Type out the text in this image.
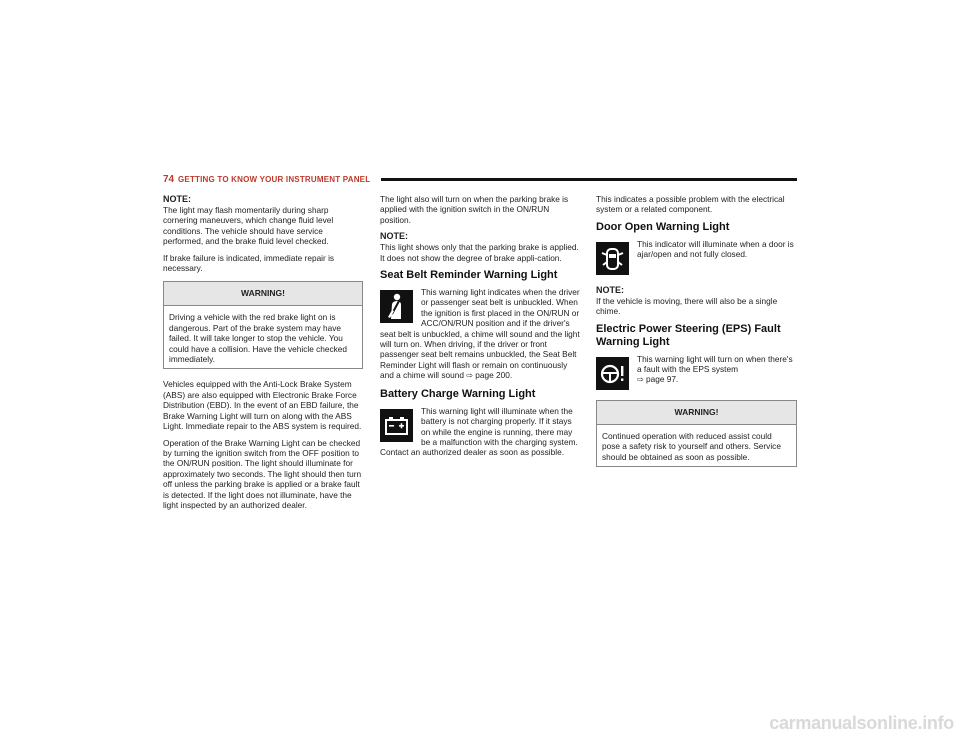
74 GETTING TO KNOW YOUR INSTRUMENT PANEL

NOTE:

The light may flash momentarily during sharp cornering maneuvers, which change fluid level conditions. The vehicle should have service performed, and the brake fluid level checked.

If brake failure is indicated, immediate repair is necessary.

WARNING!

Driving a vehicle with the red brake light on is dangerous. Part of the brake system may have failed. It will take longer to stop the vehicle. You could have a collision. Have the vehicle checked immediately.

Vehicles equipped with the Anti-Lock Brake System (ABS) are also equipped with Electronic Brake Force Distribution (EBD). In the event of an EBD failure, the Brake Warning Light will turn on along with the ABS Light. Immediate repair to the ABS system is required.

Operation of the Brake Warning Light can be checked by turning the ignition switch from the OFF position to the ON/RUN position. The light should illuminate for approximately two seconds. The light should then turn off unless the parking brake is applied or a brake fault is detected. If the light does not illuminate, have the light inspected by an authorized dealer.

The light also will turn on when the parking brake is applied with the ignition switch in the ON/RUN position.

NOTE:

This light shows only that the parking brake is applied. It does not show the degree of brake appli-cation.

Seat Belt Reminder Warning Light

This warning light indicates when the driver or passenger seat belt is unbuckled. When the ignition is first placed in the ON/RUN or ACC/ON/RUN position and if the driver's seat belt is unbuckled, a chime will sound and the light will turn on. When driving, if the driver or front passenger seat belt remains unbuckled, the Seat Belt Reminder Light will flash or remain on continuously and a chime will sound ⇨ page 200.

Battery Charge Warning Light

This warning light will illuminate when the battery is not charging properly. If it stays on while the engine is running, there may be a malfunction with the charging system. Contact an authorized dealer as soon as possible.

This indicates a possible problem with the electrical system or a related component.

Door Open Warning Light

This indicator will illuminate when a door is ajar/open and not fully closed.

NOTE:

If the vehicle is moving, there will also be a single chime.

Electric Power Steering (EPS) Fault Warning Light

This warning light will turn on when there's a fault with the EPS system
⇨ page 97.

WARNING!

Continued operation with reduced assist could pose a safety risk to yourself and others. Service should be obtained as soon as possible.

carmanualsonline.info
